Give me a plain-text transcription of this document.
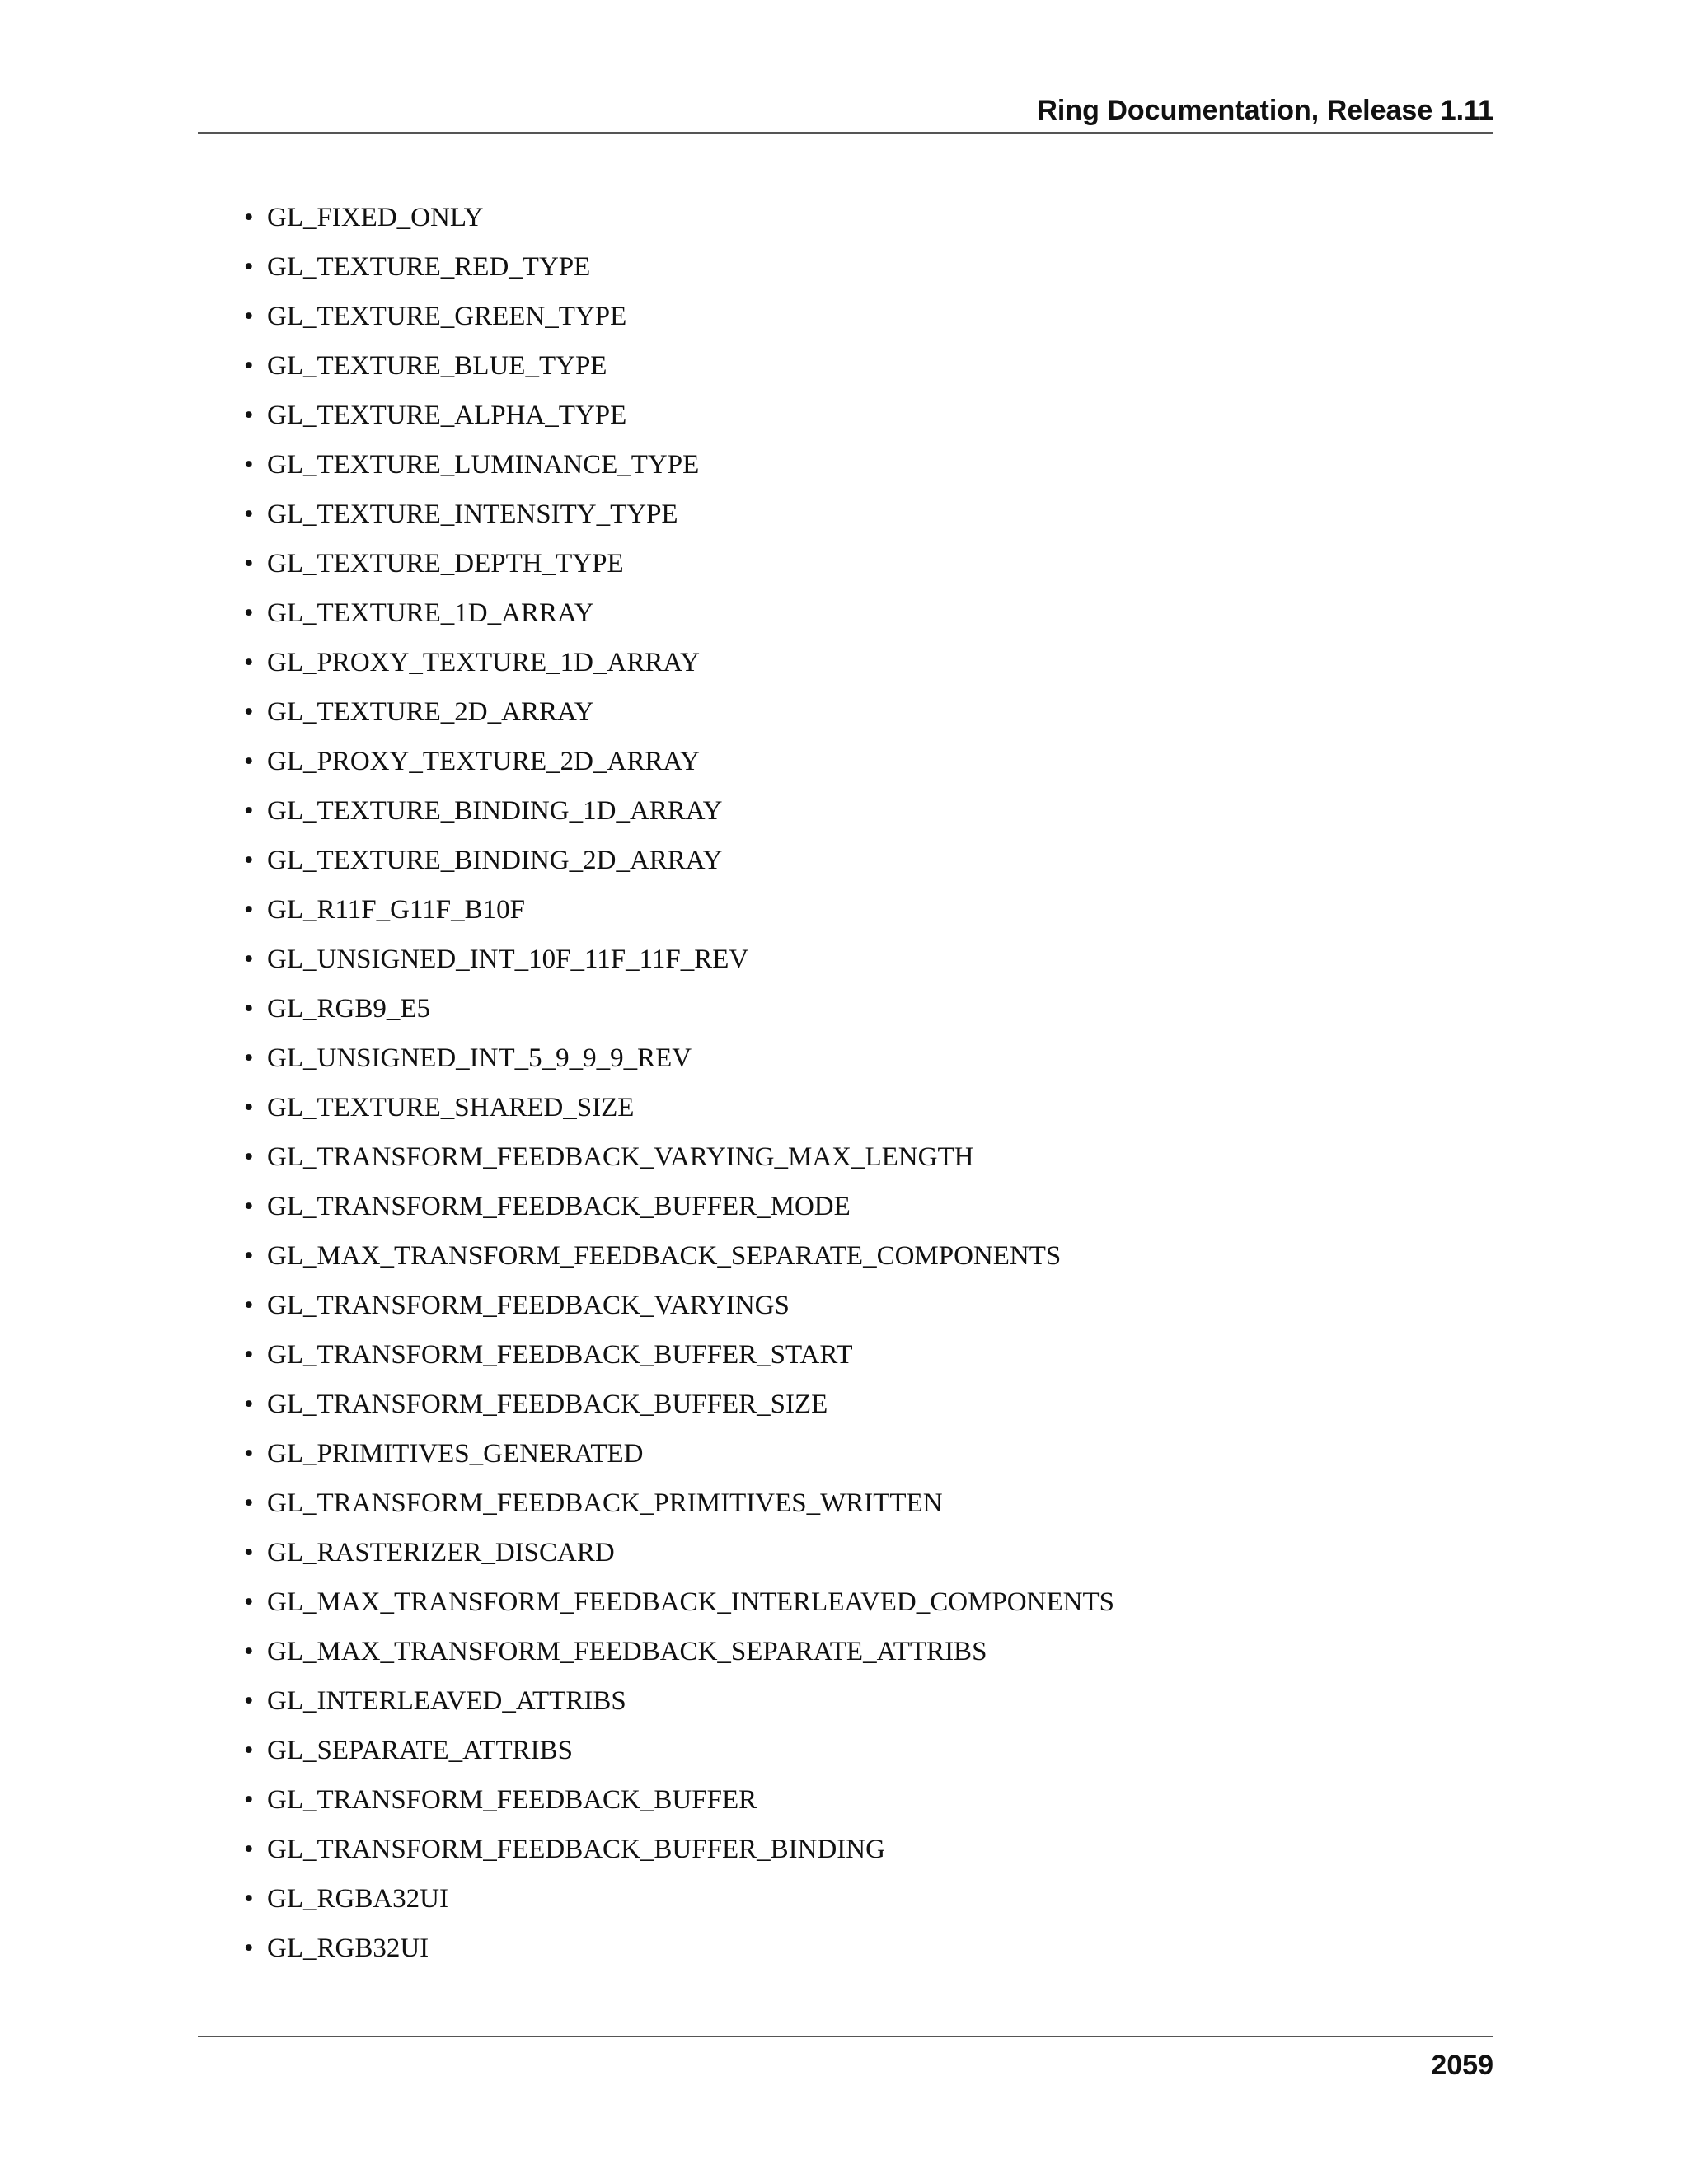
Ring Documentation, Release 1.11
• GL_FIXED_ONLY
• GL_TEXTURE_RED_TYPE
• GL_TEXTURE_GREEN_TYPE
• GL_TEXTURE_BLUE_TYPE
• GL_TEXTURE_ALPHA_TYPE
• GL_TEXTURE_LUMINANCE_TYPE
• GL_TEXTURE_INTENSITY_TYPE
• GL_TEXTURE_DEPTH_TYPE
• GL_TEXTURE_1D_ARRAY
• GL_PROXY_TEXTURE_1D_ARRAY
• GL_TEXTURE_2D_ARRAY
• GL_PROXY_TEXTURE_2D_ARRAY
• GL_TEXTURE_BINDING_1D_ARRAY
• GL_TEXTURE_BINDING_2D_ARRAY
• GL_R11F_G11F_B10F
• GL_UNSIGNED_INT_10F_11F_11F_REV
• GL_RGB9_E5
• GL_UNSIGNED_INT_5_9_9_9_REV
• GL_TEXTURE_SHARED_SIZE
• GL_TRANSFORM_FEEDBACK_VARYING_MAX_LENGTH
• GL_TRANSFORM_FEEDBACK_BUFFER_MODE
• GL_MAX_TRANSFORM_FEEDBACK_SEPARATE_COMPONENTS
• GL_TRANSFORM_FEEDBACK_VARYINGS
• GL_TRANSFORM_FEEDBACK_BUFFER_START
• GL_TRANSFORM_FEEDBACK_BUFFER_SIZE
• GL_PRIMITIVES_GENERATED
• GL_TRANSFORM_FEEDBACK_PRIMITIVES_WRITTEN
• GL_RASTERIZER_DISCARD
• GL_MAX_TRANSFORM_FEEDBACK_INTERLEAVED_COMPONENTS
• GL_MAX_TRANSFORM_FEEDBACK_SEPARATE_ATTRIBS
• GL_INTERLEAVED_ATTRIBS
• GL_SEPARATE_ATTRIBS
• GL_TRANSFORM_FEEDBACK_BUFFER
• GL_TRANSFORM_FEEDBACK_BUFFER_BINDING
• GL_RGBA32UI
• GL_RGB32UI
2059
